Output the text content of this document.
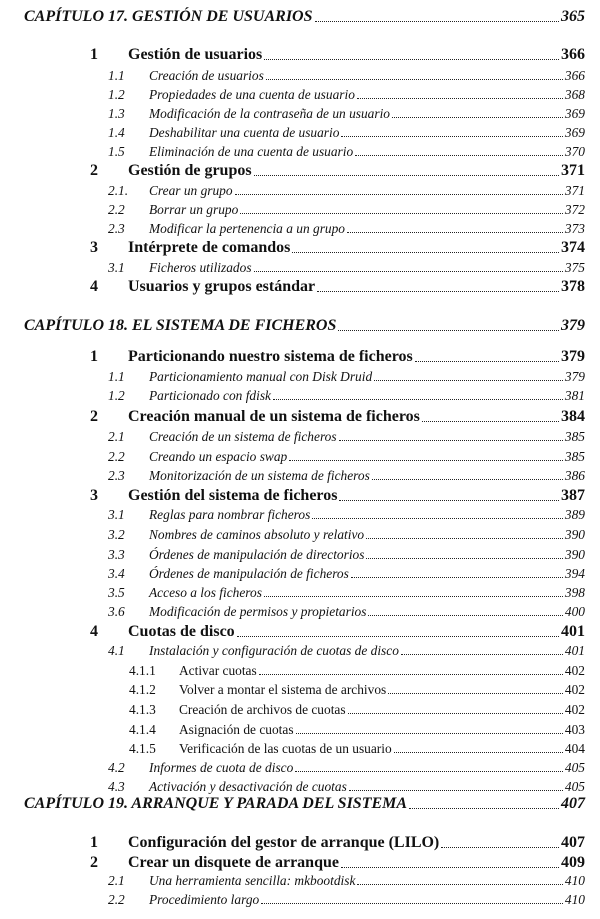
CAPÍTULO 17. GESTIÓN DE USUARIOS	365
1	Gestión de usuarios	366
1.1	Creación de usuarios	366
1.2	Propiedades de una cuenta de usuario	368
1.3	Modificación de la contraseña de un usuario	369
1.4	Deshabilitar una cuenta de usuario	369
1.5	Eliminación de una cuenta de usuario	370
2	Gestión de grupos	371
2.1.	Crear un grupo	371
2.2	Borrar un grupo	372
2.3	Modificar la pertenencia a un grupo	373
3	Intérprete de comandos	374
3.1	Ficheros utilizados	375
4	Usuarios y grupos estándar	378
CAPÍTULO 18. EL SISTEMA DE FICHEROS	379
1	Particionando nuestro sistema de ficheros	379
1.1	Particionamiento manual con Disk Druid	379
1.2	Particionado con fdisk	381
2	Creación manual de un sistema de ficheros	384
2.1	Creación de un sistema de ficheros	385
2.2	Creando un espacio swap	385
2.3	Monitorización de un sistema de ficheros	386
3	Gestión del sistema de ficheros	387
3.1	Reglas para nombrar ficheros	389
3.2	Nombres de caminos absoluto y relativo	390
3.3	Órdenes de manipulación de directorios	390
3.4	Órdenes de manipulación de ficheros	394
3.5	Acceso a los ficheros	398
3.6	Modificación de permisos y propietarios	400
4	Cuotas de disco	401
4.1	Instalación y configuración de cuotas de disco	401
4.1.1	Activar cuotas	402
4.1.2	Volver a montar el sistema de archivos	402
4.1.3	Creación de archivos de cuotas	402
4.1.4	Asignación de cuotas	403
4.1.5	Verificación de las cuotas de un usuario	404
4.2	Informes de cuota de disco	405
4.3	Activación y desactivación de cuotas	405
CAPÍTULO 19. ARRANQUE Y PARADA DEL SISTEMA	407
1	Configuración del gestor de arranque (LILO)	407
2	Crear un disquete de arranque	409
2.1	Una herramienta sencilla: mkbootdisk	410
2.2	Procedimiento largo	410
